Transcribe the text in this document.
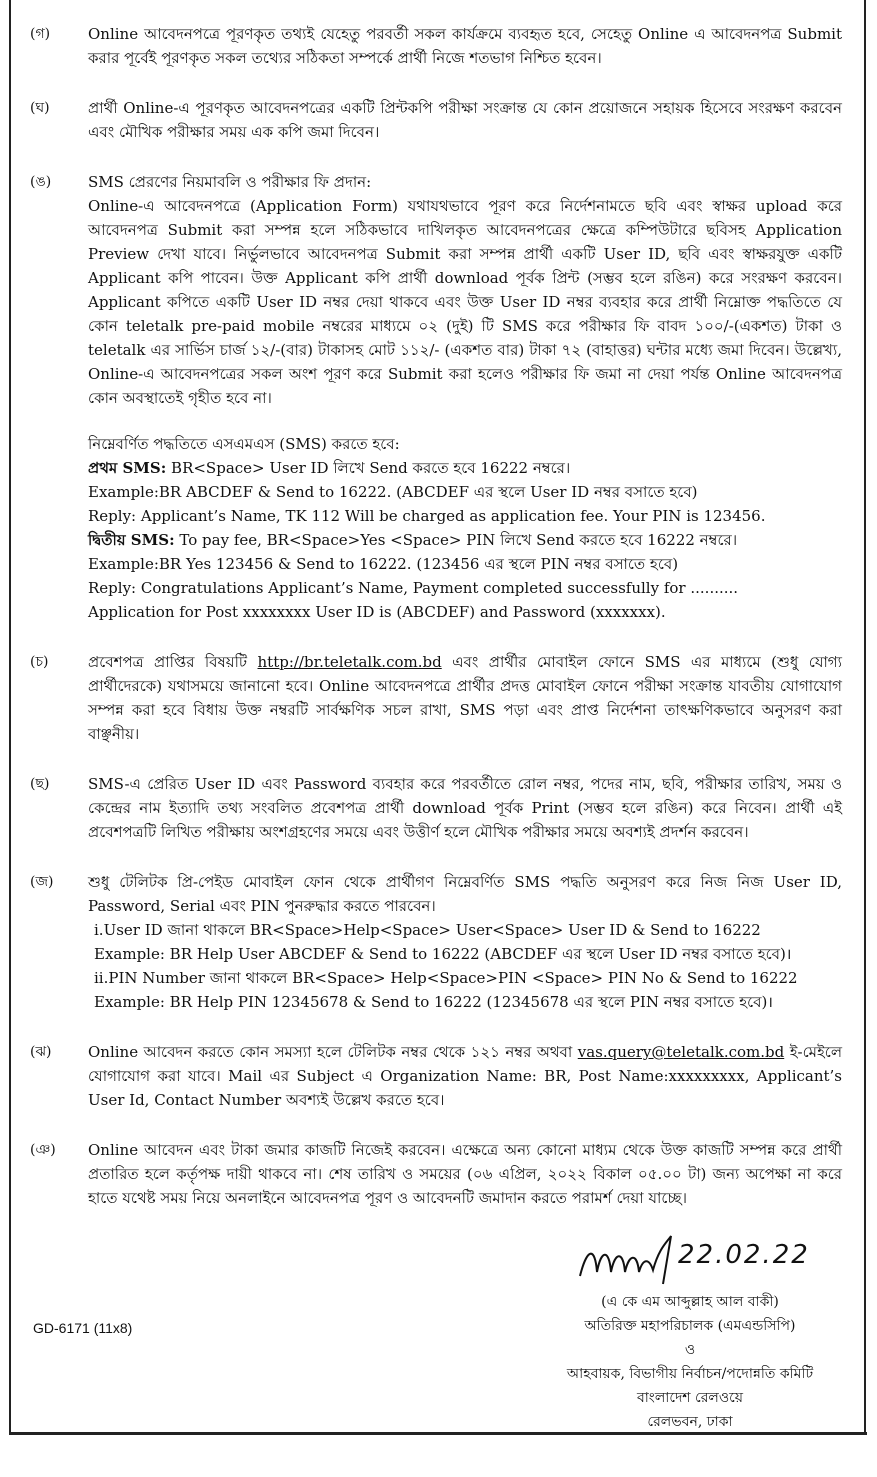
(গ)	Online আবেদনপত্রে পূরণকৃত তথ্যই যেহেতু পরবর্তী সকল কার্যক্রমে ব্যবহৃত হবে, সেহেতু Online এ আবেদনপত্র Submit করার পূর্বেই পূরণকৃত সকল তথ্যের সঠিকতা সম্পর্কে প্রার্থী নিজে শতভাগ নিশ্চিত হবেন।

(ঘ)	প্রার্থী Online-এ পূরণকৃত আবেদনপত্রের একটি প্রিন্টকপি পরীক্ষা সংক্রান্ত যে কোন প্রয়োজনে সহায়ক হিসেবে সংরক্ষণ করবেন এবং মৌখিক পরীক্ষার সময় এক কপি জমা দিবেন।

(ঙ)	SMS প্রেরণের নিয়মাবলি ও পরীক্ষার ফি প্রদান:

Online-এ আবেদনপত্রে (Application Form) যথাযথভাবে পূরণ করে নির্দেশনামতে ছবি এবং স্বাক্ষর upload করে আবেদনপত্র Submit করা সম্পন্ন হলে সঠিকভাবে দাখিলকৃত আবেদনপত্রের ক্ষেত্রে কম্পিউটারে ছবিসহ Application Preview দেখা যাবে। নির্ভুলভাবে আবেদনপত্র Submit করা সম্পন্ন প্রার্থী একটি User ID, ছবি এবং স্বাক্ষরযুক্ত একটি Applicant কপি পাবেন। উক্ত Applicant কপি প্রার্থী download পূর্বক প্রিন্ট (সম্ভব হলে রঙিন) করে সংরক্ষণ করবেন। Applicant কপিতে একটি User ID নম্বর দেয়া থাকবে এবং উক্ত User ID নম্বর ব্যবহার করে প্রার্থী নিম্নোক্ত পদ্ধতিতে যে কোন teletalk pre-paid mobile নম্বরের মাধ্যমে ০২ (দুই) টি SMS করে পরীক্ষার ফি বাবদ ১০০/-(একশত) টাকা ও teletalk এর সার্ভিস চার্জ ১২/-(বার) টাকাসহ মোট ১১২/- (একশত বার) টাকা ৭২ (বাহাত্তর) ঘন্টার মধ্যে জমা দিবেন। উল্লেখ্য, Online-এ আবেদনপত্রের সকল অংশ পূরণ করে Submit করা হলেও পরীক্ষার ফি জমা না দেয়া পর্যন্ত Online আবেদনপত্র কোন অবস্থাতেই গৃহীত হবে না।

নিম্নেবর্ণিত পদ্ধতিতে এসএমএস (SMS) করতে হবে:

প্রথম SMS: BR<Space> User ID লিখে Send করতে হবে 16222 নম্বরে।

Example:BR ABCDEF & Send to 16222. (ABCDEF এর স্থলে User ID নম্বর বসাতে হবে)

Reply: Applicant’s Name, TK 112 Will be charged as application fee. Your PIN is 123456.

দ্বিতীয় SMS: To pay fee, BR<Space>Yes <Space> PIN লিখে Send করতে হবে 16222 নম্বরে।

Example:BR Yes 123456 & Send to 16222. (123456 এর স্থলে PIN নম্বর বসাতে হবে)

Reply: Congratulations Applicant’s Name, Payment completed successfully for ..........

Application for Post xxxxxxxx User ID is (ABCDEF) and Password (xxxxxxx).

(চ)	প্রবেশপত্র প্রাপ্তির বিষয়টি http://br.teletalk.com.bd এবং প্রার্থীর মোবাইল ফোনে SMS এর মাধ্যমে (শুধু যোগ্য প্রার্থীদেরকে) যথাসময়ে জানানো হবে। Online আবেদনপত্রে প্রার্থীর প্রদত্ত মোবাইল ফোনে পরীক্ষা সংক্রান্ত যাবতীয় যোগাযোগ সম্পন্ন করা হবে বিধায় উক্ত নম্বরটি সার্বক্ষণিক সচল রাখা, SMS পড়া এবং প্রাপ্ত নির্দেশনা তাৎক্ষণিকভাবে অনুসরণ করা বাঞ্ছনীয়।

(ছ)	SMS-এ প্রেরিত User ID এবং Password ব্যবহার করে পরবর্তীতে রোল নম্বর, পদের নাম, ছবি, পরীক্ষার তারিখ, সময় ও কেন্দ্রের নাম ইত্যাদি তথ্য সংবলিত প্রবেশপত্র প্রার্থী download পূর্বক Print (সম্ভব হলে রঙিন) করে নিবেন। প্রার্থী এই প্রবেশপত্রটি লিখিত পরীক্ষায় অংশগ্রহণের সময়ে এবং উত্তীর্ণ হলে মৌখিক পরীক্ষার সময়ে অবশ্যই প্রদর্শন করবেন।

(জ)	শুধু টেলিটক প্রি-পেইড মোবাইল ফোন থেকে প্রার্থীগণ নিম্নেবর্ণিত SMS পদ্ধতি অনুসরণ করে নিজ নিজ User ID, Password, Serial এবং PIN পুনরুদ্ধার করতে পারবেন।

i.User ID জানা থাকলে BR<Space>Help<Space> User<Space> User ID & Send to 16222

Example: BR Help User ABCDEF & Send to 16222 (ABCDEF এর স্থলে User ID নম্বর বসাতে হবে)।

ii.PIN Number জানা থাকলে BR<Space> Help<Space>PIN <Space> PIN No & Send to 16222

Example: BR Help PIN 12345678 & Send to 16222 (12345678 এর স্থলে PIN নম্বর বসাতে হবে)।

(ঝ)	Online আবেদন করতে কোন সমস্যা হলে টেলিটক নম্বর থেকে ১২১ নম্বর অথবা vas.query@teletalk.com.bd ই-মেইলে যোগাযোগ করা যাবে। Mail এর Subject এ Organization Name: BR, Post Name:xxxxxxxxx, Applicant’s User Id, Contact Number অবশ্যই উল্লেখ করতে হবে।

(ঞ)	Online আবেদন এবং টাকা জমার কাজটি নিজেই করবেন। এক্ষেত্রে অন্য কোনো মাধ্যম থেকে উক্ত কাজটি সম্পন্ন করে প্রার্থী প্রতারিত হলে কর্তৃপক্ষ দায়ী থাকবে না। শেষ তারিখ ও সময়ের (০৬ এপ্রিল, ২০২২ বিকাল ০৫.০০ টা) জন্য অপেক্ষা না করে হাতে যথেষ্ট সময় নিয়ে অনলাইনে আবেদনপত্র পূরণ ও আবেদনটি জমাদান করতে পরামর্শ দেয়া যাচ্ছে।

22.02.22
(এ কে এম আব্দুল্লাহ আল বাকী)
অতিরিক্ত মহাপরিচালক (এমএন্ডসিপি)
ও
আহবায়ক, বিভাগীয় নির্বাচন/পদোন্নতি কমিটি
বাংলাদেশ রেলওয়ে
রেলভবন, ঢাকা
GD-6171 (11x8)
